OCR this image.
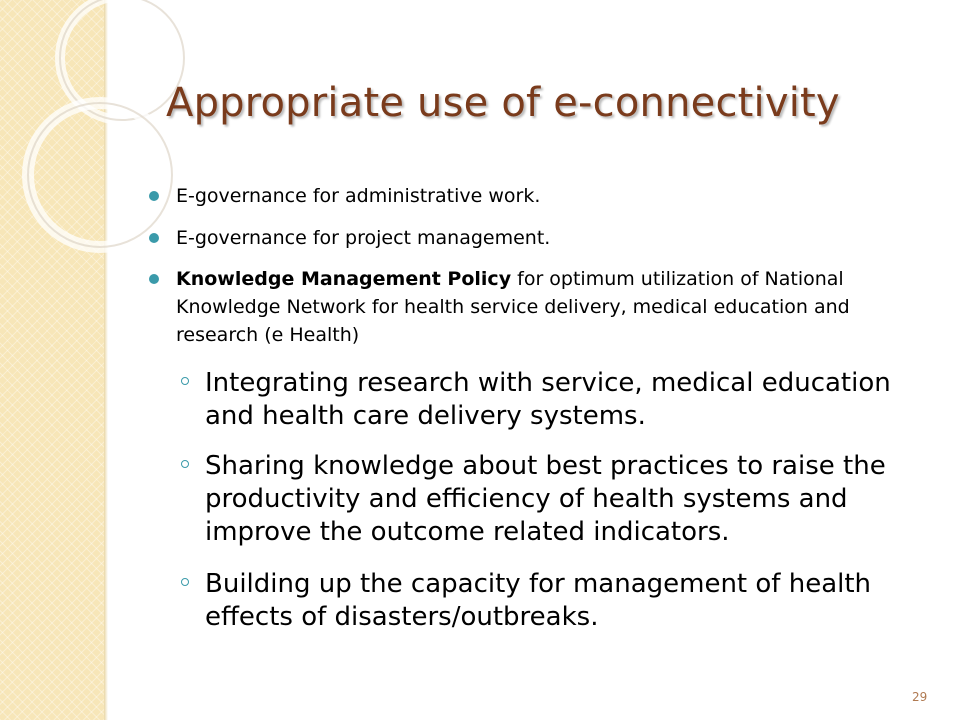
Appropriate use of e-connectivity
E-governance for administrative work.
E-governance for project management.
Knowledge Management Policy for optimum utilization of National Knowledge Network for health service delivery, medical education and research (e Health)
Integrating research with service, medical education and health care delivery systems.
Sharing knowledge about best practices to raise the productivity and efficiency of health systems and improve the outcome related indicators.
Building up the capacity for management of health effects of disasters/outbreaks.
29
